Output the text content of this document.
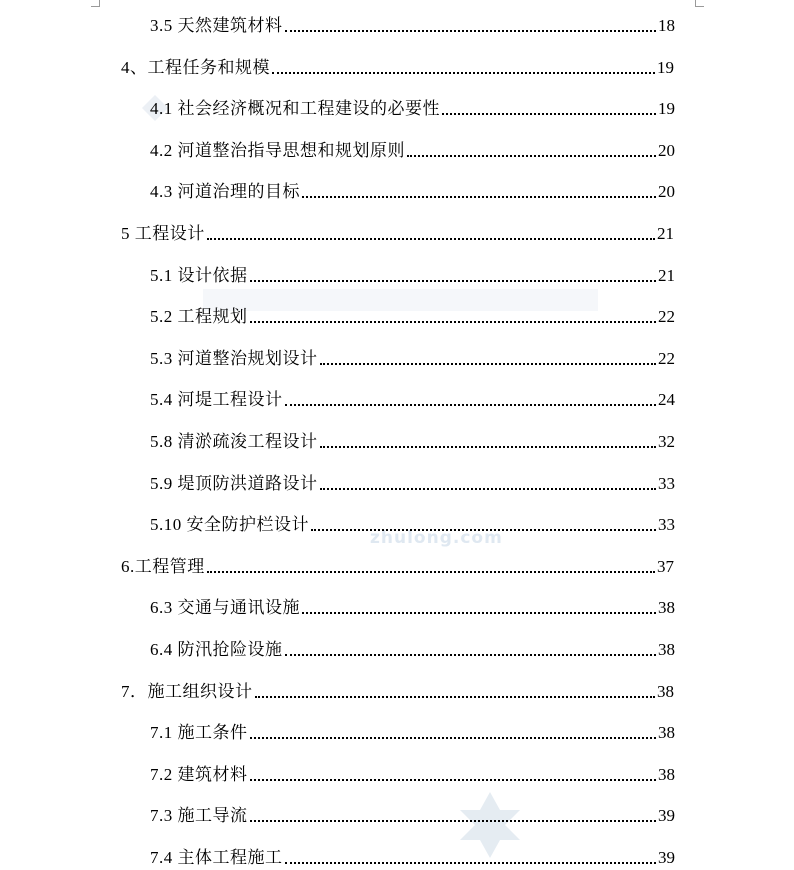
zhulong.com
3.5 天然建筑材料	18
4、工程任务和规模	19
4.1 社会经济概况和工程建设的必要性	19
4.2 河道整治指导思想和规划原则	20
4.3 河道治理的目标	20
5 工程设计	21
5.1 设计依据	21
5.2 工程规划	22
5.3 河道整治规划设计	22
5.4 河堤工程设计	24
5.8 清淤疏浚工程设计	32
5.9 堤顶防洪道路设计	33
5.10 安全防护栏设计	33
6.工程管理	37
6.3 交通与通讯设施	38
6.4 防汛抢险设施	38
7．施工组织设计	38
7.1 施工条件	38
7.2 建筑材料	38
7.3 施工导流	39
7.4 主体工程施工	39
